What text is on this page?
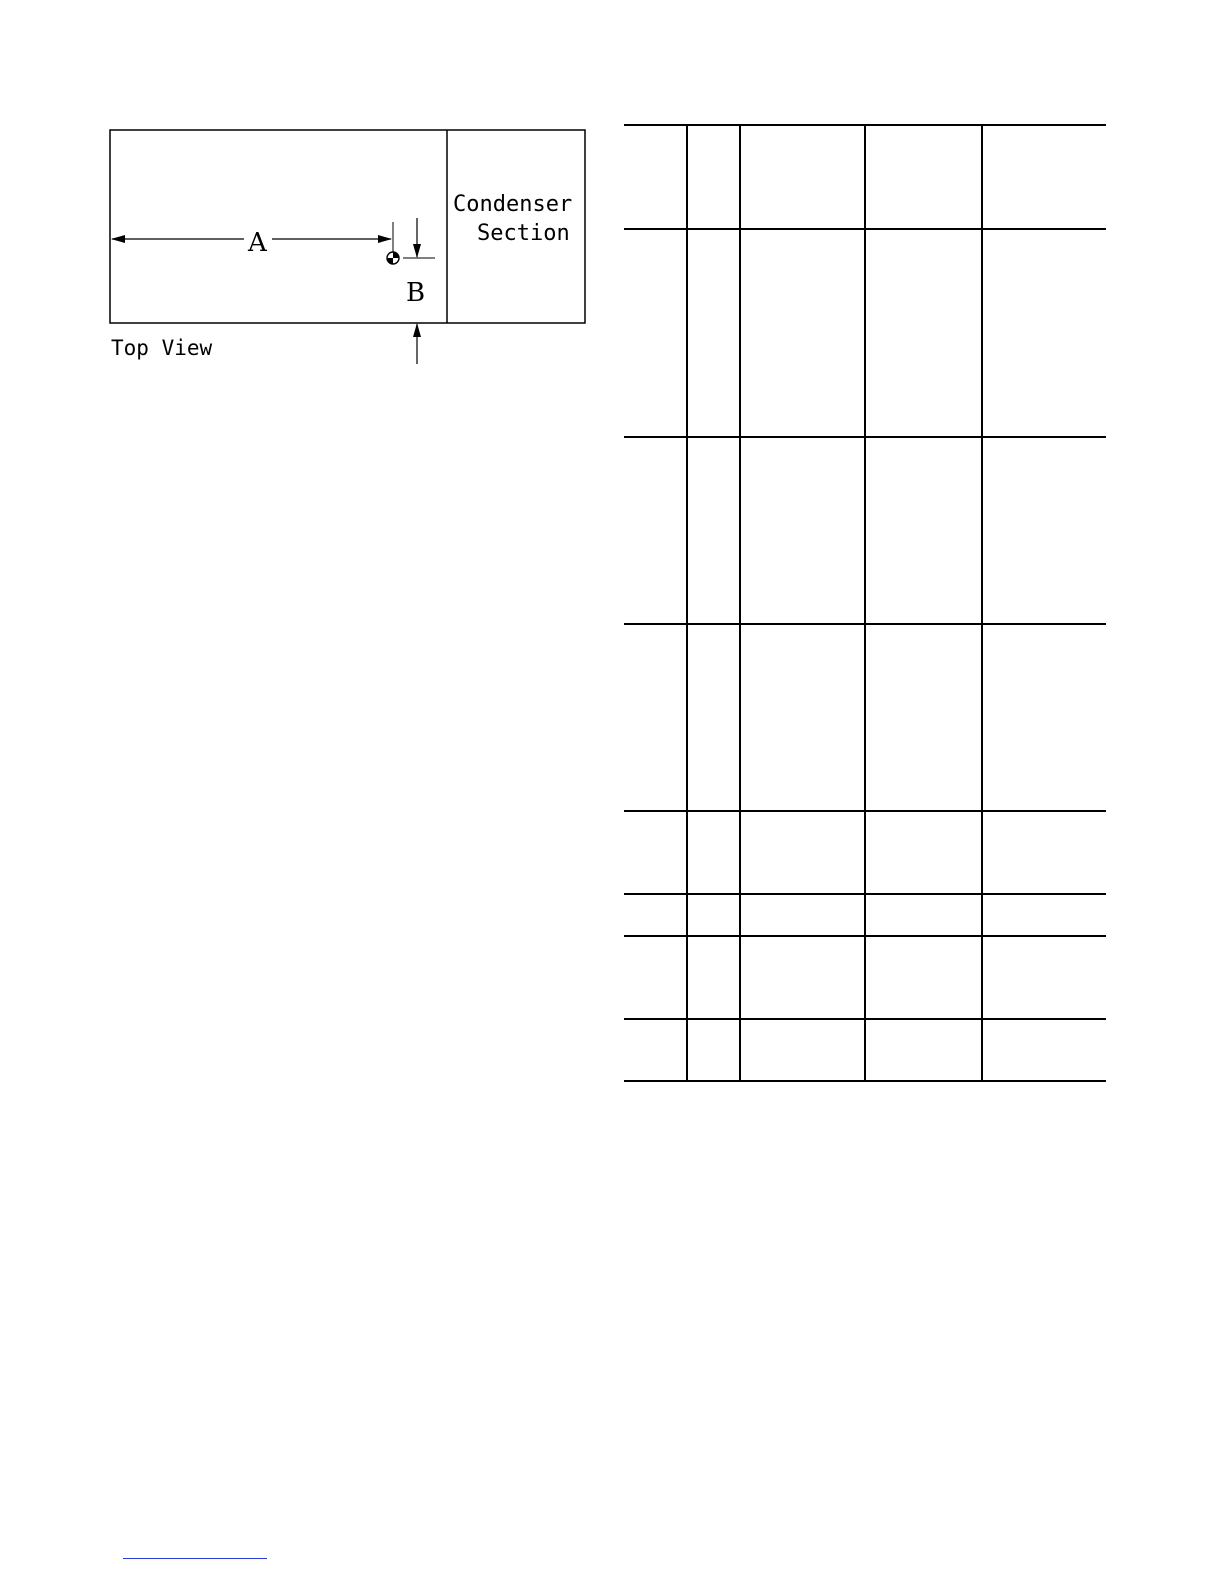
Condenser
Section
A
B
Top View
